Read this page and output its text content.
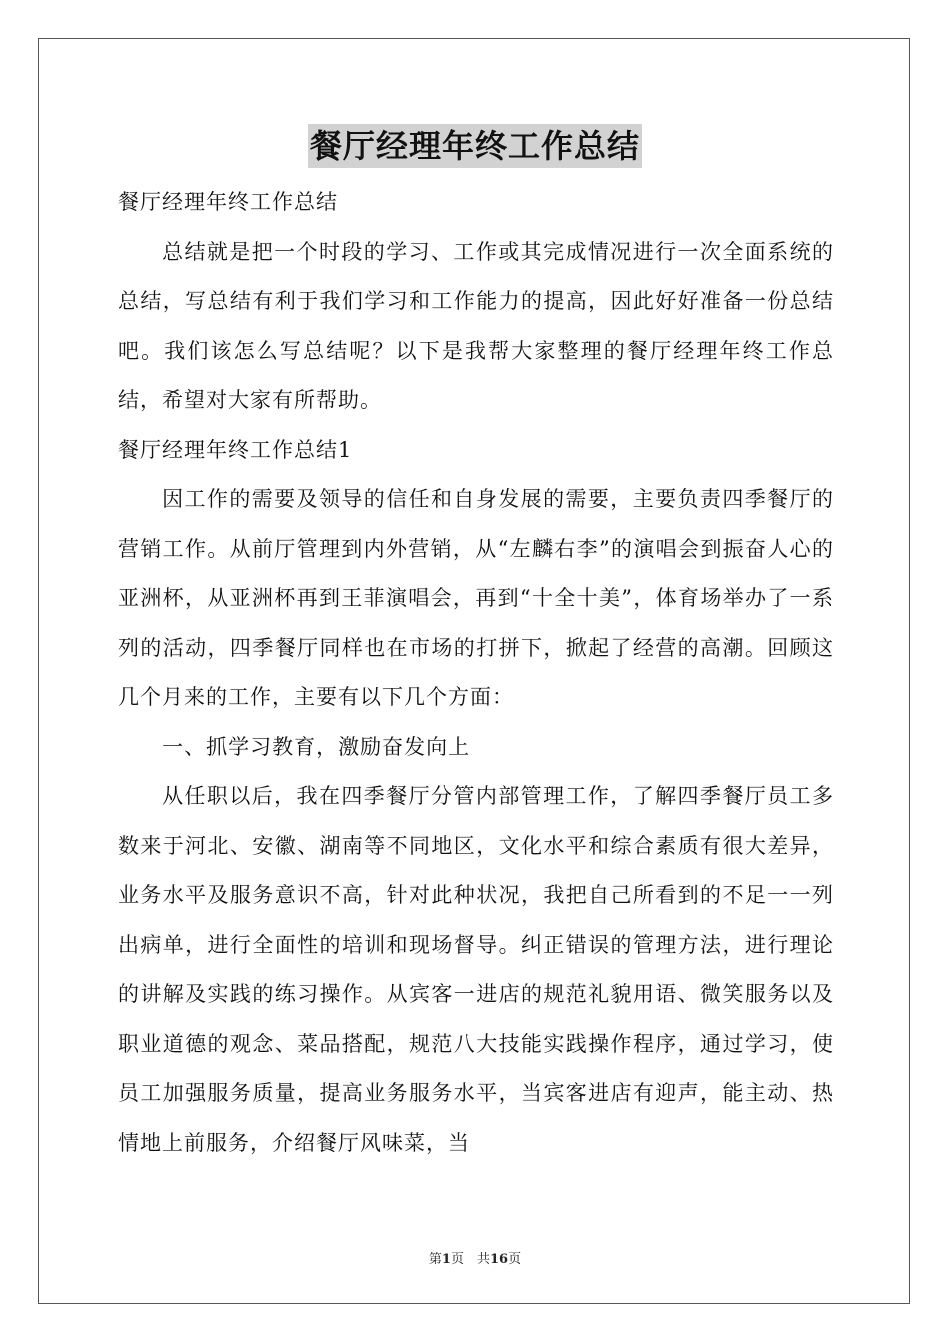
餐厅经理年终工作总结

餐厅经理年终工作总结

总结就是把一个时段的学习、工作或其完成情况进行一次全面系统的总结，写总结有利于我们学习和工作能力的提高，因此好好准备一份总结吧。我们该怎么写总结呢？以下是我帮大家整理的餐厅经理年终工作总结，希望对大家有所帮助。

餐厅经理年终工作总结1

因工作的需要及领导的信任和自身发展的需要，主要负责四季餐厅的营销工作。从前厅管理到内外营销，从“左麟右李”的演唱会到振奋人心的亚洲杯，从亚洲杯再到王菲演唱会，再到“十全十美”，体育场举办了一系列的活动，四季餐厅同样也在市场的打拼下，掀起了经营的高潮。回顾这几个月来的工作，主要有以下几个方面：

一、抓学习教育，激励奋发向上

从任职以后，我在四季餐厅分管内部管理工作，了解四季餐厅员工多数来于河北、安徽、湖南等不同地区，文化水平和综合素质有很大差异，业务水平及服务意识不高，针对此种状况，我把自己所看到的不足一一列出病单，进行全面性的培训和现场督导。纠正错误的管理方法，进行理论的讲解及实践的练习操作。从宾客一进店的规范礼貌用语、微笑服务以及职业道德的观念、菜品搭配，规范八大技能实践操作程序，通过学习，使员工加强服务质量，提高业务服务水平，当宾客进店有迎声，能主动、热情地上前服务，介绍餐厅风味菜，当

第1页　共16页
